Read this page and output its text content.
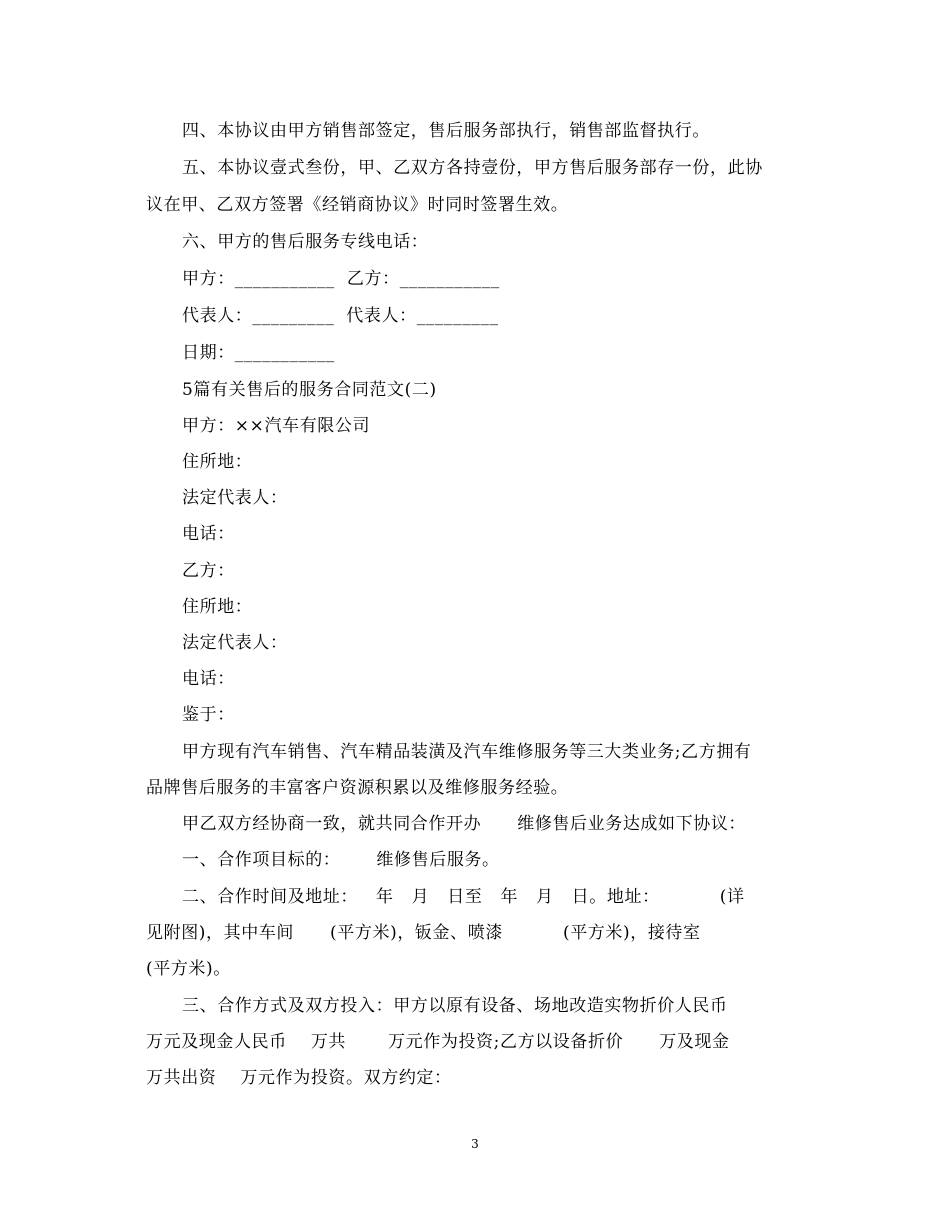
四、本协议由甲方销售部签定，售后服务部执行，销售部监督执行。
五、本协议壹式叁份，甲、乙双方各持壹份，甲方售后服务部存一份，此协
议在甲、乙双方签署《经销商协议》时同时签署生效。
六、甲方的售后服务专线电话：
甲方：___________  乙方：___________
代表人：_________  代表人：_________
日期：___________
5篇有关售后的服务合同范文(二)
甲方：××汽车有限公司
住所地：
法定代表人：
电话：
乙方：
住所地：
法定代表人：
电话：
鉴于：
甲方现有汽车销售、汽车精品装潢及汽车维修服务等三大类业务;乙方拥有
品牌售后服务的丰富客户资源积累以及维修服务经验。
甲乙双方经协商一致，就共同合作开办      维修售后业务达成如下协议：
一、合作项目标的：      维修售后服务。
二、合作时间及地址：   年   月   日至   年   月   日。地址：          (详
见附图)，其中车间      (平方米)，钣金、喷漆          (平方米)，接待室
(平方米)。
三、合作方式及双方投入：甲方以原有设备、场地改造实物折价人民币
万元及现金人民币    万共       万元作为投资;乙方以设备折价      万及现金
万共出资    万元作为投资。双方约定：
3
